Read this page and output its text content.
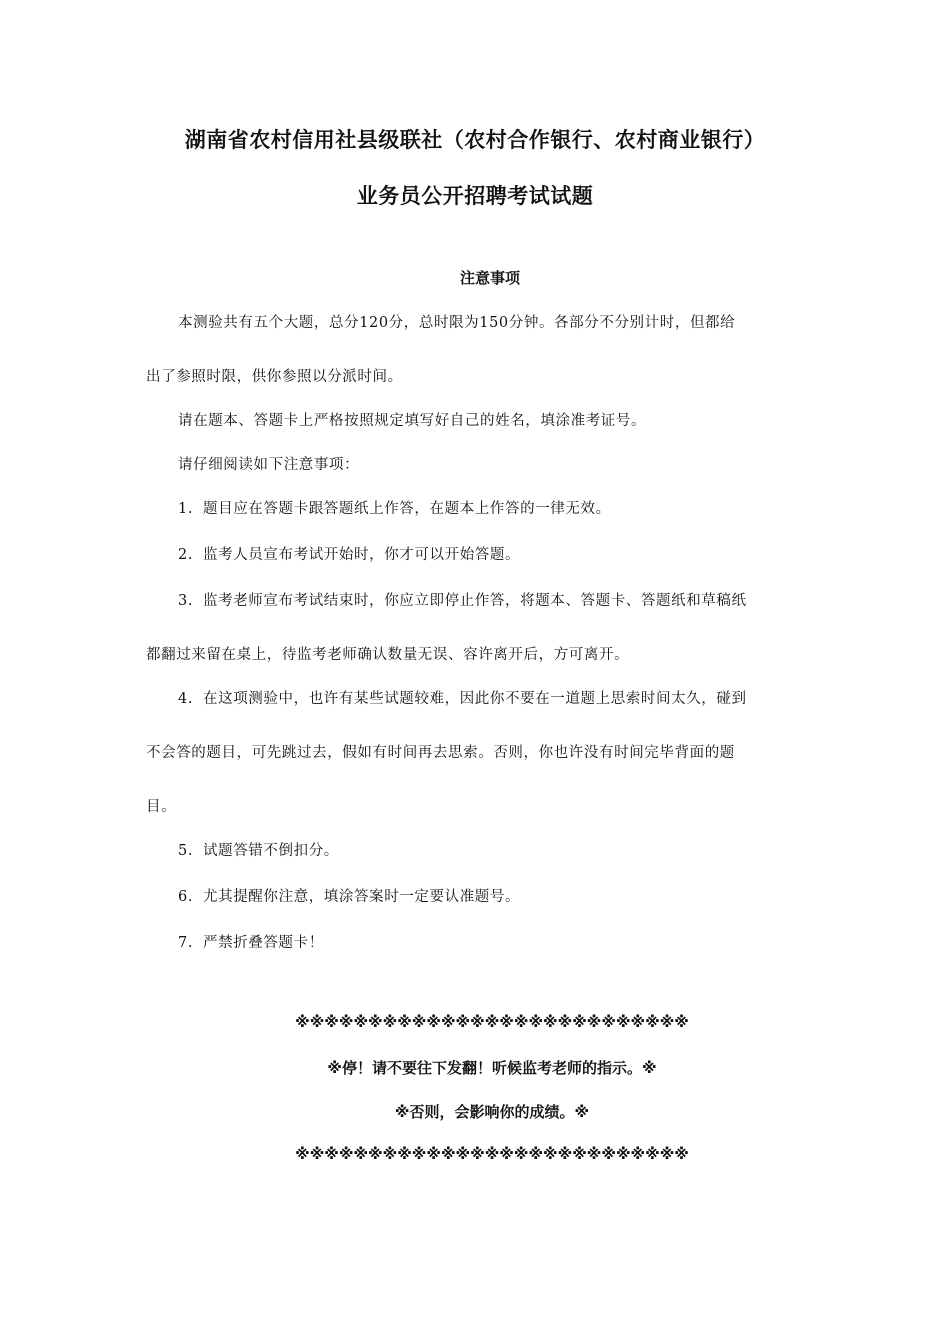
湖南省农村信用社县级联社（农村合作银行、农村商业银行）
业务员公开招聘考试试题
注意事项
本测验共有五个大题，总分120分，总时限为150分钟。各部分不分别计时，但都给
出了参照时限，供你参照以分派时间。
请在题本、答题卡上严格按照规定填写好自己的姓名，填涂准考证号。
请仔细阅读如下注意事项：
1. 题目应在答题卡跟答题纸上作答，在题本上作答的一律无效。
2. 监考人员宣布考试开始时，你才可以开始答题。
3. 监考老师宣布考试结束时，你应立即停止作答，将题本、答题卡、答题纸和草稿纸
都翻过来留在桌上，待监考老师确认数量无误、容许离开后，方可离开。
4. 在这项测验中，也许有某些试题较难，因此你不要在一道题上思索时间太久，碰到
不会答的题目，可先跳过去，假如有时间再去思索。否则，你也许没有时间完毕背面的题
目。
5. 试题答错不倒扣分。
6. 尤其提醒你注意，填涂答案时一定要认准题号。
7. 严禁折叠答题卡！
※※※※※※※※※※※※※※※※※※※※※※※※※※※
※停！请不要往下发翻！听候监考老师的指示。※
※否则，会影响你的成绩。※
※※※※※※※※※※※※※※※※※※※※※※※※※※※
